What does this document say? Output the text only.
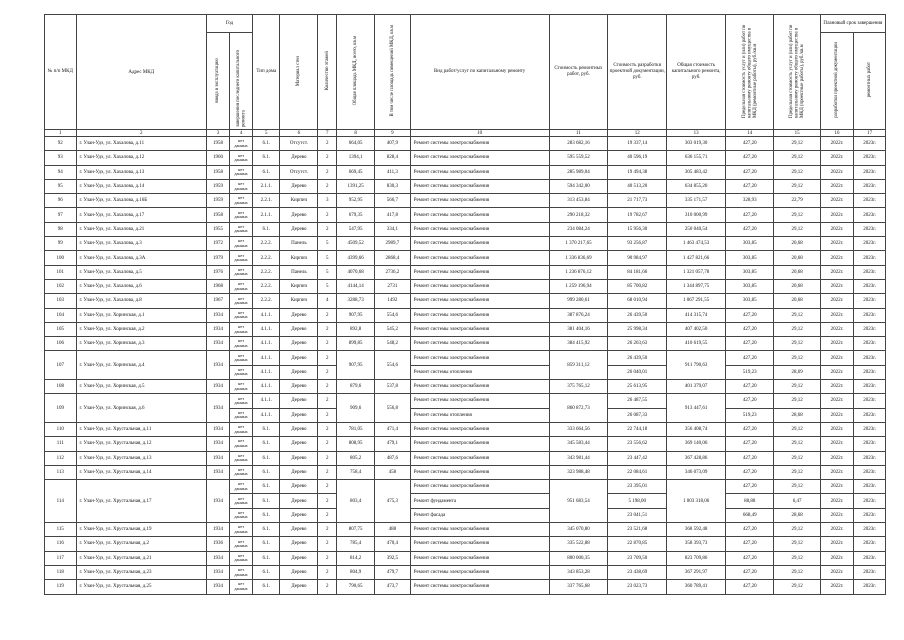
№ п/п МКД	Адрес МКД	Год		Тип дома	Материал стен	Количество этажей	Общая площадь МКД, всего, кв.м	В том числе площадь помещений МКД, кв.м	Вид работ/услуг по капитальному ремонту	Стоимость ремонтных работ, руб.	Стоимость разработки проектной документации, руб.	Общая стоимость капитального ремонта, руб.	Предельная стоимость услуг и (или) работ по капитальному ремонту общего имущества в МКД (ремонтные работы), руб./кв.м	Предельная стоимость услуг и (или) работ по капитальному ремонту общего имущества в МКД (проектные работы), руб./кв.м	Плановый срок завершения	
		ввода в эксплуатацию	завершения последнего капитального ремонта												разработки проектной документации	ремонтных работ
1	2	3	4	5	6	7	8	9	10	11	12	13	14	15	16	17
92	г. Улан-Удэ, ул. Хахалова, д.11	1958	нет данных	6.1.	Отсутст.	2	664,05	407,9	Ремонт системы электроснабжения	283 682,16	19 337,14	303 019,30	427,20	29,12	2022г.	2023г.
93	г. Улан-Удэ, ул. Хахалова, д.12	1960	нет данных	6.1.	Дерево	2	1394,1	828,4	Ремонт системы электроснабжения	595 559,52	40 596,19	636 155,71	427,20	29,12	2022г.	2023г.
94	г. Улан-Удэ, ул. Хахалова, д.13	1958	нет данных	6.1.	Отсутст.	2	669,45	411,3	Ремонт системы электроснабжения	285 989,04	19 494,38	305 483,42	427,20	29,12	2022г.	2023г.
95	г. Улан-Удэ, ул. Хахалова, д.14	1959	нет данных	2.1.1.	Дерево	2	1391,25	830,3	Ремонт системы электроснабжения	594 342,00	40 513,20	634 855,20	427,20	29,12	2022г.	2023г.
96	г. Улан-Удэ, ул. Хахалова, д.16Б	1959	нет данных	2.2.1.	Кирпич	3	952,95	566,7	Ремонт системы электроснабжения	313 453,84	21 717,73	335 171,57	328,93	22,79	2022г.	2023г.
97	г. Улан-Удэ, ул. Хахалова, д.17	1958	нет данных	2.1.1.	Дерево	2	679,35	417,8	Ремонт системы электроснабжения	290 218,32	19 782,67	310 000,99	427,20	29,12	2022г.	2023г.
98	г. Улан-Удэ, ул. Хахалова, д.21	1955	нет данных	6.1.	Дерево	2	547,95	334,1	Ремонт системы электроснабжения	234 084,24	15 956,30	250 040,54	427,20	29,12	2022г.	2023г.
99	г. Улан-Удэ, ул. Хахалова, д.3	1972	нет данных	2.2.2.	Панель	5	4509,52	2989,7	Ремонт системы электроснабжения	1 370 217,65	93 256,87	1 463 474,53	303,85	20,68	2022г.	2023г.
100	г. Улан-Удэ, ул. Хахалова, д.3А	1979	нет данных	2.2.2.	Кирпич	5	4399,66	2868,4	Ремонт системы электроснабжения	1 336 836,69	90 984,97	1 427 821,66	303,85	20,68	2022г.	2023г.
101	г. Улан-Удэ, ул. Хахалова, д.5	1976	нет данных	2.2.2.	Панель	5	4070,68	2736,2	Ремонт системы электроснабжения	1 236 876,12	84 181,66	1 321 057,78	303,85	20,68	2022г.	2023г.
102	г. Улан-Удэ, ул. Хахалова, д.6	1968	нет данных	2.2.2.	Кирпич	5	4144,14	2731	Ремонт системы электроснабжения	1 259 196,94	85 700,82	1 344 897,75	303,85	20,68	2022г.	2023г.
103	г. Улан-Удэ, ул. Хахалова, д.8	1967	нет данных	2.2.2.	Кирпич	4	3288,73	1492	Ремонт системы электроснабжения	999 280,61	68 010,94	1 067 291,55	303,85	20,68	2022г.	2023г.
104	г. Улан-Удэ, ул. Хоринская, д.1	1934	нет данных	4.1.1.	Дерево	2	907,95	554,6	Ремонт системы электроснабжения	387 876,24	26 439,50	414 315,74	427,20	29,12	2022г.	2023г.
105	г. Улан-Удэ, ул. Хоринская, д.2	1934	нет данных	4.1.1.	Дерево	2	892,8	545,2	Ремонт системы электроснабжения	381 404,16	25 998,34	407 402,50	427,20	29,12	2022г.	2023г.
106	г. Улан-Удэ, ул. Хоринская, д.3	1934	нет данных	4.1.1.	Дерево	2	899,85	548,2	Ремонт системы электроснабжения	384 415,92	26 203,63	410 619,55	427,20	29,12	2022г.	2023г.
107	г. Улан-Удэ, ул. Хоринская, д.4	1934	нет данных	4.1.1.	Дерево	2	907,95	554,6	Ремонт системы электроснабжения	859 311,12	26 439,50	911 790,63	427,20	29,12	2022г.	2023г.
			нет данных	4.1.1.	Дерево	2			Ремонт системы отопления		26 040,01		519,23	28,69	2022г.	2023г.
108	г. Улан-Удэ, ул. Хоринская, д.5	1934	нет данных	4.1.1.	Дерево	2	879,6	537,8	Ремонт системы электроснабжения	375 765,12	25 613,95	401 379,07	427,20	29,12	2022г.	2023г.
109	г. Улан-Удэ, ул. Хоринская, д.6	1934	нет данных	4.1.1.	Дерево	2	909,6	556,8	Ремонт системы электроснабжения	860 872,73	26 487,55	913 447,61	427,20	29,12	2022г.	2023г.
			нет данных	4.1.1.	Дерево	2			Ремонт системы отопления		26 087,33		519,23	28,68	2022г.	2023г.
110	г. Улан-Удэ, ул. Хрустальная, д.11	1934	нет данных	6.1.	Дерево	2	781,05	471,4	Ремонт системы электроснабжения	333 664,56	22 744,18	356 408,74	427,20	29,12	2022г.	2023г.
111	г. Улан-Удэ, ул. Хрустальная, д.12	1934	нет данных	6.1.	Дерево	2	808,95	479,1	Ремонт системы электроснабжения	345 583,44	23 556,62	369 140,06	427,20	29,12	2022г.	2023г.
112	г. Улан-Удэ, ул. Хрустальная, д.13	1934	нет данных	6.1.	Дерево	2	805,2	487,6	Ремонт системы электроснабжения	343 981,44	23 447,42	367 428,86	427,20	29,12	2022г.	2023г.
113	г. Улан-Удэ, ул. Хрустальная, д.14	1934	нет данных	6.1.	Дерево	2	758,4	458	Ремонт системы электроснабжения	323 988,48	22 084,61	346 073,09	427,20	29,12	2022г.	2023г.
114	г. Улан-Удэ, ул. Хрустальная, д.17	1934	нет данных	6.1.	Дерево	2	803,4	475,3	Ремонт системы электроснабжения	951 683,54	23 395,01	1 003 318,06	427,20	29,12	2022г.	2023г.
			нет данных	6.1.	Дерево	2			Ремонт фундамента		5 198,00		88,88	6,47	2022г.	2023г.
			нет данных	6.1.	Дерево	2			Ремонт фасада		23 041,51		668,49	28,68	2022г.	2023г.
115	г. Улан-Удэ, ул. Хрустальная, д.19	1934	нет данных	6.1.	Дерево	2	807,75	488	Ремонт системы электроснабжения	345 070,80	23 521,68	368 592,48	427,20	29,12	2022г.	2023г.
116	г. Улан-Удэ, ул. Хрустальная, д.2	1936	нет данных	6.1.	Дерево	2	785,4	470,4	Ремонт системы электроснабжения	335 522,88	22 870,85	358 393,73	427,20	29,12	2022г.	2023г.
117	г. Улан-Удэ, ул. Хрустальная, д.21	1934	нет данных	6.1.	Дерево	2	814,2	392,5	Ремонт системы электроснабжения	800 000,35	23 709,50	823 709,86	427,20	29,12	2022г.	2023г.
118	г. Улан-Удэ, ул. Хрустальная, д.23	1934	нет данных	6.1.	Дерево	2	804,9	479,7	Ремонт системы электроснабжения	343 853,28	23 438,69	367 291,97	427,20	29,12	2022г.	2023г.
119	г. Улан-Удэ, ул. Хрустальная, д.25	1934	нет данных	6.1.	Дерево	2	790,65	473,7	Ремонт системы электроснабжения	337 765,68	23 023,73	360 789,41	427,20	29,12	2022г.	2023г.
